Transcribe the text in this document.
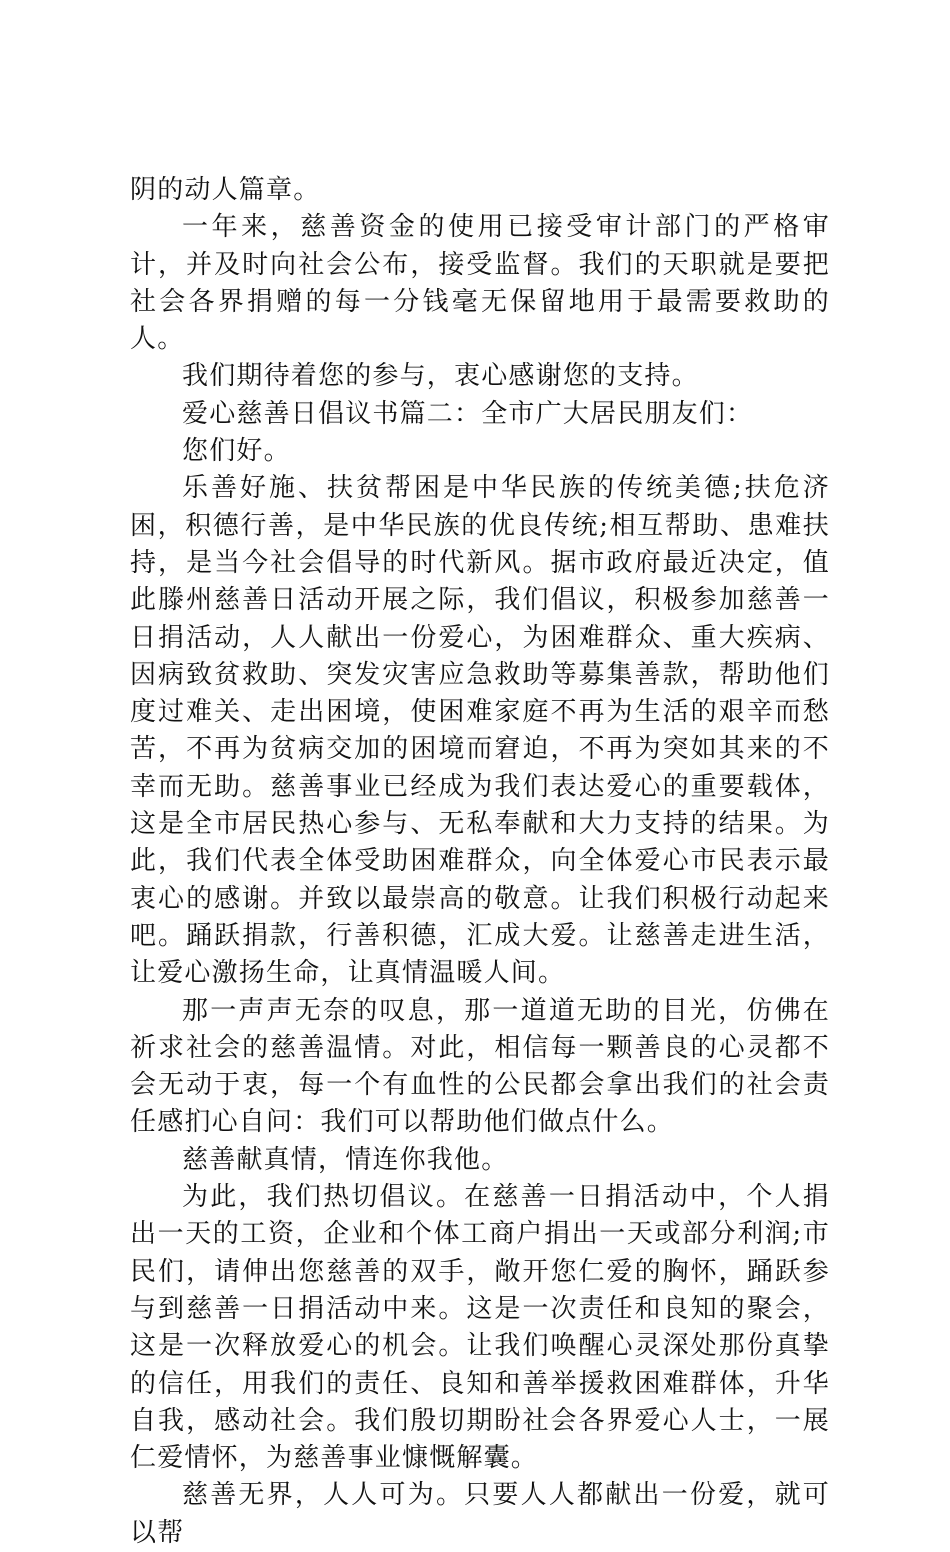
阴的动人篇章。

一年来，慈善资金的使用已接受审计部门的严格审计，并及时向社会公布，接受监督。我们的天职就是要把社会各界捐赠的每一分钱毫无保留地用于最需要救助的人。

我们期待着您的参与，衷心感谢您的支持。

爱心慈善日倡议书篇二：全市广大居民朋友们：

您们好。

乐善好施、扶贫帮困是中华民族的传统美德;扶危济困，积德行善，是中华民族的优良传统;相互帮助、患难扶持，是当今社会倡导的时代新风。据市政府最近决定，值此滕州慈善日活动开展之际，我们倡议，积极参加慈善一日捐活动，人人献出一份爱心，为困难群众、重大疾病、因病致贫救助、突发灾害应急救助等募集善款，帮助他们度过难关、走出困境，使困难家庭不再为生活的艰辛而愁苦，不再为贫病交加的困境而窘迫，不再为突如其来的不幸而无助。慈善事业已经成为我们表达爱心的重要载体，这是全市居民热心参与、无私奉献和大力支持的结果。为此，我们代表全体受助困难群众，向全体爱心市民表示最衷心的感谢。并致以最崇高的敬意。让我们积极行动起来吧。踊跃捐款，行善积德，汇成大爱。让慈善走进生活，让爱心激扬生命，让真情温暖人间。

那一声声无奈的叹息，那一道道无助的目光，仿佛在祈求社会的慈善温情。对此，相信每一颗善良的心灵都不会无动于衷，每一个有血性的公民都会拿出我们的社会责任感扪心自问：我们可以帮助他们做点什么。

慈善献真情，情连你我他。

为此，我们热切倡议。在慈善一日捐活动中，个人捐出一天的工资，企业和个体工商户捐出一天或部分利润;市民们，请伸出您慈善的双手，敞开您仁爱的胸怀，踊跃参与到慈善一日捐活动中来。这是一次责任和良知的聚会，这是一次释放爱心的机会。让我们唤醒心灵深处那份真挚的信任，用我们的责任、良知和善举援救困难群体，升华自我，感动社会。我们殷切期盼社会各界爱心人士，一展仁爱情怀，为慈善事业慷慨解囊。

慈善无界，人人可为。只要人人都献出一份爱，就可以帮
